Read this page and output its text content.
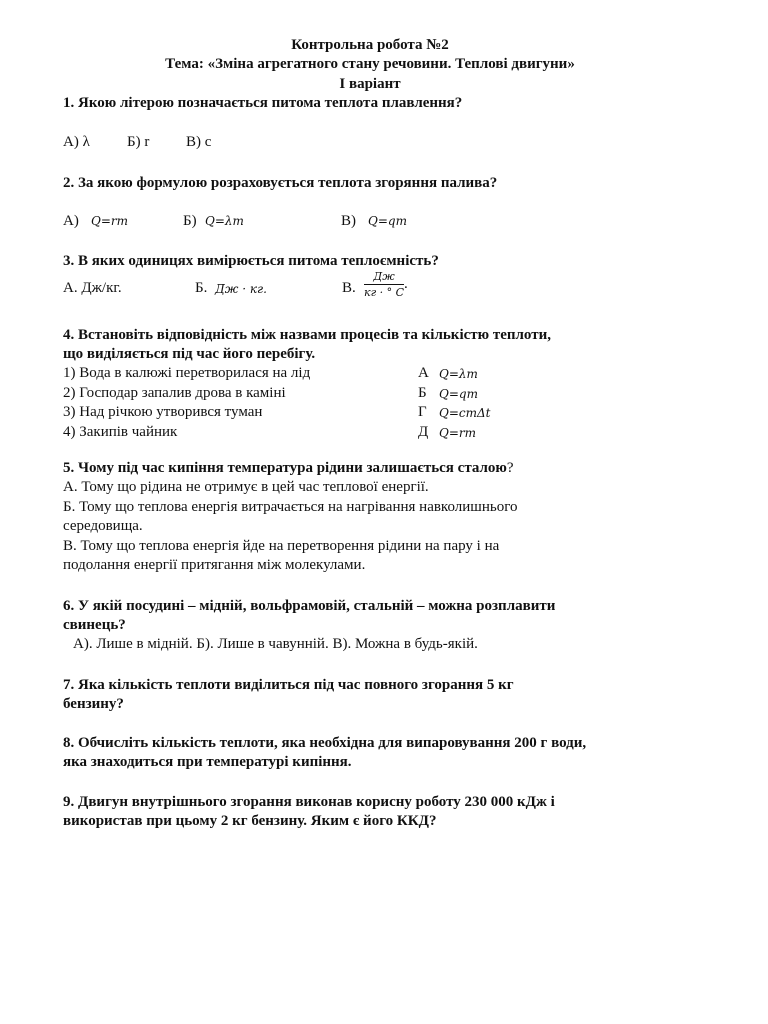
Контрольна робота №2
Тема: «Зміна агрегатного стану речовини. Теплові двигуни»
І варіант
1. Якою літерою позначається питома теплота плавлення?
А) λ Б) r В) c
2. За якою формулою розраховується теплота згоряння палива?
А) Q=rm	Б) Q=λm	В) Q=qm
3. В яких одиницях вимірюється питома теплоємність?
А. Дж/кг.	Б. Дж · кг.	В. $\frac{Дж}{кг \cdot ^\circ C}$ .
4. Встановіть відповідність між назвами процесів та кількістю теплоти,
що виділяється під час його перебігу.
1) Вода в калюжі перетворилася на лід	А Q=λm
2) Господар запалив дрова в каміні	Б Q=qm
3) Над річкою утворився туман	Г Q=cmΔt
4) Закипів чайник	Д Q=rm
5. Чому під час кипіння температура рідини залишається сталою?
А. Тому що рідина не отримує в цей час теплової енергії.
Б. Тому що теплова енергія витрачається на нагрівання навколишнього
середовища.
В. Тому що теплова енергія йде на перетворення рідини на пару і на
подолання енергії притягання між молекулами.
6. У якій посудині – мідній, вольфрамовій, стальній – можна розплавити
свинець?
А). Лише в мідній. Б). Лише в чавунній. В). Можна в будь-якій.
7. Яка кількість теплоти виділиться під час повного згорання 5 кг
бензину?
8. Обчисліть кількість теплоти, яка необхідна для випаровування 200 г води,
яка знаходиться при температурі кипіння.
9. Двигун внутрішнього згорання виконав корисну роботу 230 000 кДж і
використав при цьому 2 кг бензину. Яким є його ККД?
